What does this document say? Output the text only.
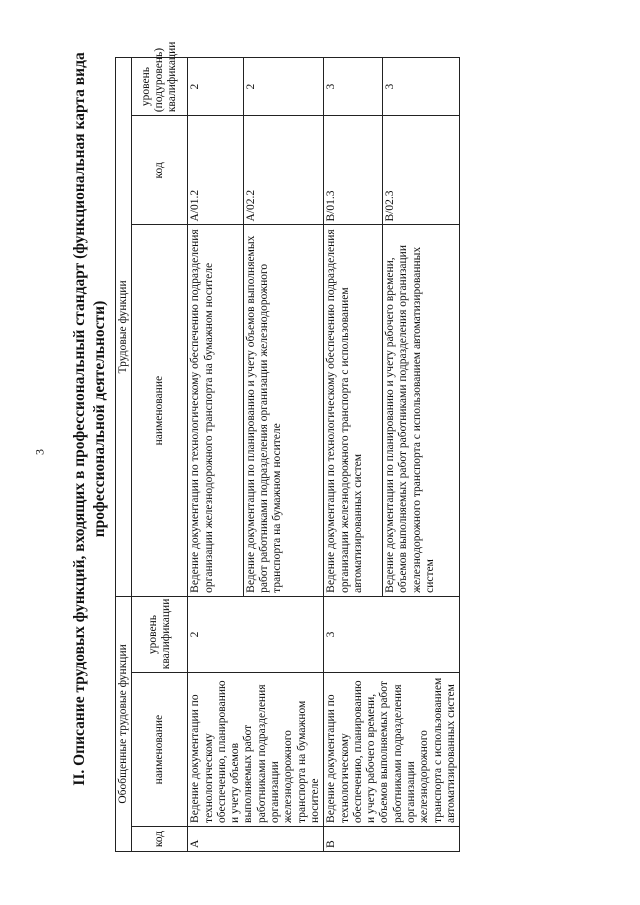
3 II. Описание трудовых функций, входящих в профессиональный стандарт (функциональная карта вида профессиональной деятельности)
Обобщенные трудовые функции			Трудовые функции		
код	наименование	уровень квалификации	наименование	код	уровень (подуровень) квалификации
А	Ведение документации по технологическому обеспечению, планированию и учету объемов выполняемых работ работниками подразделения организации железнодорожного транспорта на бумажном носителе	2	Ведение документации по технологическому обеспечению подразделения организации железнодорожного транспорта на бумажном носителе	А/01.2	2
			Ведение документации по планированию и учету объемов выполняемых работ работниками подразделения организации железнодорожного транспорта на бумажном носителе	А/02.2	2
В	Ведение документации по технологическому обеспечению, планированию и учету рабочего времени, объемов выполняемых работ работниками подразделения организации железнодорожного транспорта с использованием автоматизированных систем	3	Ведение документации по технологическому обеспечению подразделения организации железнодорожного транспорта с использованием автоматизированных систем	В/01.3	3
			Ведение документации по планированию и учету рабочего времени, объемов выполняемых работ работниками подразделения организации железнодорожного транспорта с использованием автоматизированных систем	В/02.3	3
